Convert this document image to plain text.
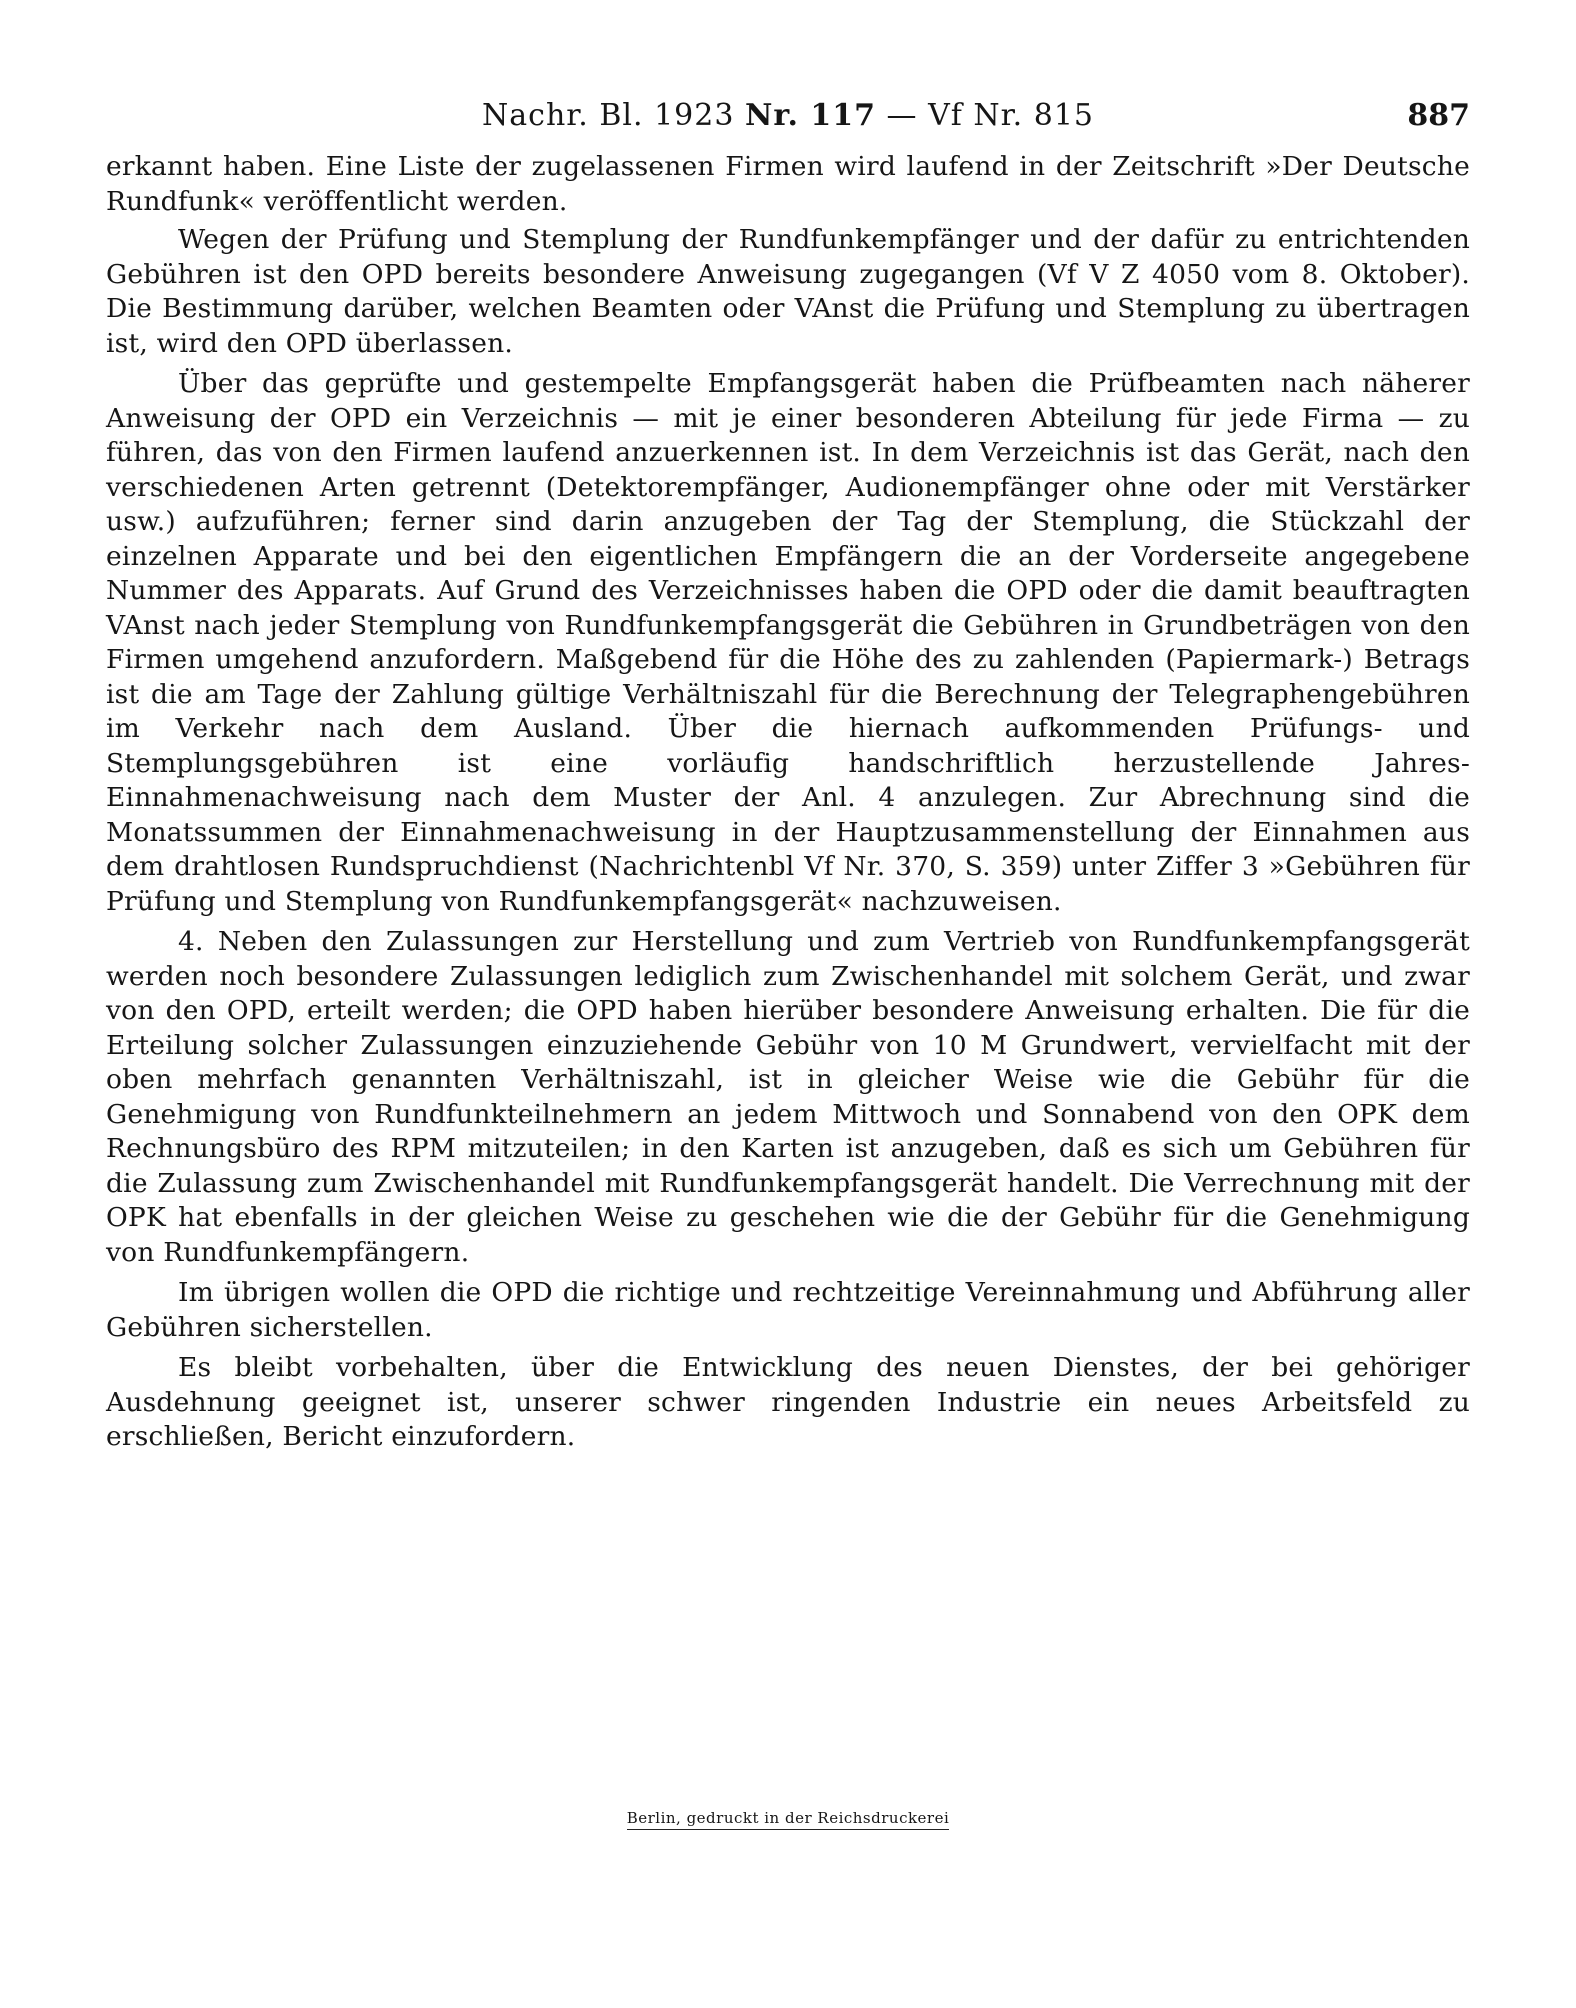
Nachr. Bl. 1923 Nr. 117 — Vf Nr. 815	887

erkannt haben. Eine Liste der zugelassenen Firmen wird laufend in der Zeitschrift »Der Deutsche Rundfunk« veröffentlicht werden.

Wegen der Prüfung und Stemplung der Rundfunkempfänger und der dafür zu entrichtenden Gebühren ist den OPD bereits besondere Anweisung zugegangen (Vf V Z 4050 vom 8. Oktober). Die Bestimmung darüber, welchen Beamten oder VAnst die Prüfung und Stemplung zu übertragen ist, wird den OPD überlassen.

Über das geprüfte und gestempelte Empfangsgerät haben die Prüfbeamten nach näherer Anweisung der OPD ein Verzeichnis — mit je einer besonderen Abteilung für jede Firma — zu führen, das von den Firmen laufend anzuerkennen ist. In dem Verzeichnis ist das Gerät, nach den verschiedenen Arten getrennt (Detektorempfänger, Audionempfänger ohne oder mit Verstärker usw.) aufzuführen; ferner sind darin anzugeben der Tag der Stemplung, die Stückzahl der einzelnen Apparate und bei den eigentlichen Empfängern die an der Vorderseite angegebene Nummer des Apparats. Auf Grund des Verzeichnisses haben die OPD oder die damit beauftragten VAnst nach jeder Stemplung von Rundfunkempfangsgerät die Gebühren in Grundbeträgen von den Firmen umgehend anzufordern. Maßgebend für die Höhe des zu zahlenden (Papiermark-) Betrags ist die am Tage der Zahlung gültige Verhältniszahl für die Berechnung der Telegraphengebühren im Verkehr nach dem Ausland. Über die hiernach aufkommenden Prüfungs- und Stemplungsgebühren ist eine vorläufig handschriftlich herzustellende Jahres-Einnahmenachweisung nach dem Muster der Anl. 4 anzulegen. Zur Abrechnung sind die Monatssummen der Einnahmenachweisung in der Hauptzusammenstellung der Einnahmen aus dem drahtlosen Rundspruchdienst (Nachrichtenbl Vf Nr. 370, S. 359) unter Ziffer 3 »Gebühren für Prüfung und Stemplung von Rundfunkempfangsgerät« nachzuweisen.

4. Neben den Zulassungen zur Herstellung und zum Vertrieb von Rundfunkempfangsgerät werden noch besondere Zulassungen lediglich zum Zwischenhandel mit solchem Gerät, und zwar von den OPD, erteilt werden; die OPD haben hierüber besondere Anweisung erhalten. Die für die Erteilung solcher Zulassungen einzuziehende Gebühr von 10 M Grundwert, vervielfacht mit der oben mehrfach genannten Verhältniszahl, ist in gleicher Weise wie die Gebühr für die Genehmigung von Rundfunkteilnehmern an jedem Mittwoch und Sonnabend von den OPK dem Rechnungsbüro des RPM mitzuteilen; in den Karten ist anzugeben, daß es sich um Gebühren für die Zulassung zum Zwischenhandel mit Rundfunkempfangsgerät handelt. Die Verrechnung mit der OPK hat ebenfalls in der gleichen Weise zu geschehen wie die der Gebühr für die Genehmigung von Rundfunkempfängern.

Im übrigen wollen die OPD die richtige und rechtzeitige Vereinnahmung und Abführung aller Gebühren sicherstellen.

Es bleibt vorbehalten, über die Entwicklung des neuen Dienstes, der bei gehöriger Ausdehnung geeignet ist, unserer schwer ringenden Industrie ein neues Arbeitsfeld zu erschließen, Bericht einzufordern.

Berlin, gedruckt in der Reichsdruckerei
